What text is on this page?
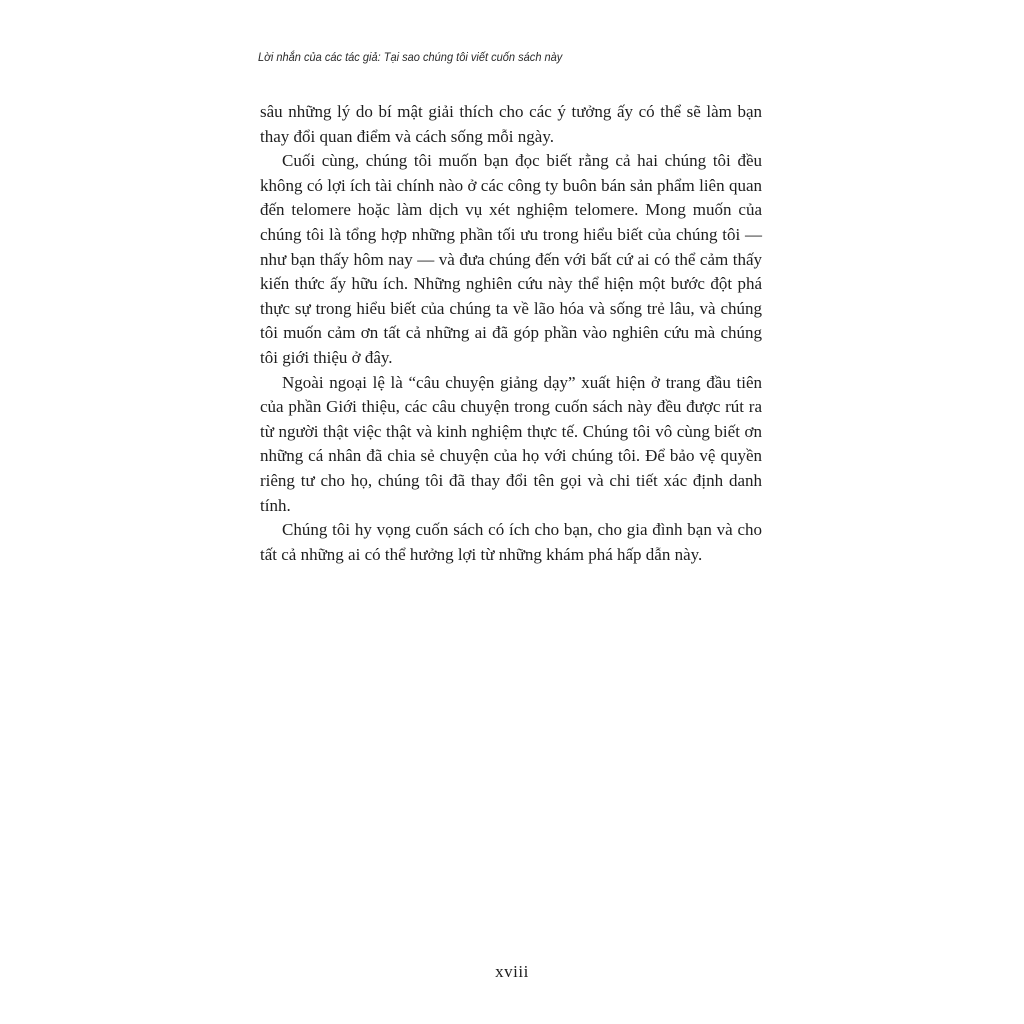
Lời nhắn của các tác giả: Tại sao chúng tôi viết cuốn sách này

sâu những lý do bí mật giải thích cho các ý tưởng ấy có thể sẽ làm bạn thay đổi quan điểm và cách sống mỗi ngày.

Cuối cùng, chúng tôi muốn bạn đọc biết rằng cả hai chúng tôi đều không có lợi ích tài chính nào ở các công ty buôn bán sản phẩm liên quan đến telomere hoặc làm dịch vụ xét nghiệm telomere. Mong muốn của chúng tôi là tổng hợp những phần tối ưu trong hiểu biết của chúng tôi — như bạn thấy hôm nay — và đưa chúng đến với bất cứ ai có thể cảm thấy kiến thức ấy hữu ích. Những nghiên cứu này thể hiện một bước đột phá thực sự trong hiểu biết của chúng ta về lão hóa và sống trẻ lâu, và chúng tôi muốn cảm ơn tất cả những ai đã góp phần vào nghiên cứu mà chúng tôi giới thiệu ở đây.

Ngoài ngoại lệ là “câu chuyện giảng dạy” xuất hiện ở trang đầu tiên của phần Giới thiệu, các câu chuyện trong cuốn sách này đều được rút ra từ người thật việc thật và kinh nghiệm thực tế. Chúng tôi vô cùng biết ơn những cá nhân đã chia sẻ chuyện của họ với chúng tôi. Để bảo vệ quyền riêng tư cho họ, chúng tôi đã thay đổi tên gọi và chi tiết xác định danh tính.

Chúng tôi hy vọng cuốn sách có ích cho bạn, cho gia đình bạn và cho tất cả những ai có thể hưởng lợi từ những khám phá hấp dẫn này.

xviii
